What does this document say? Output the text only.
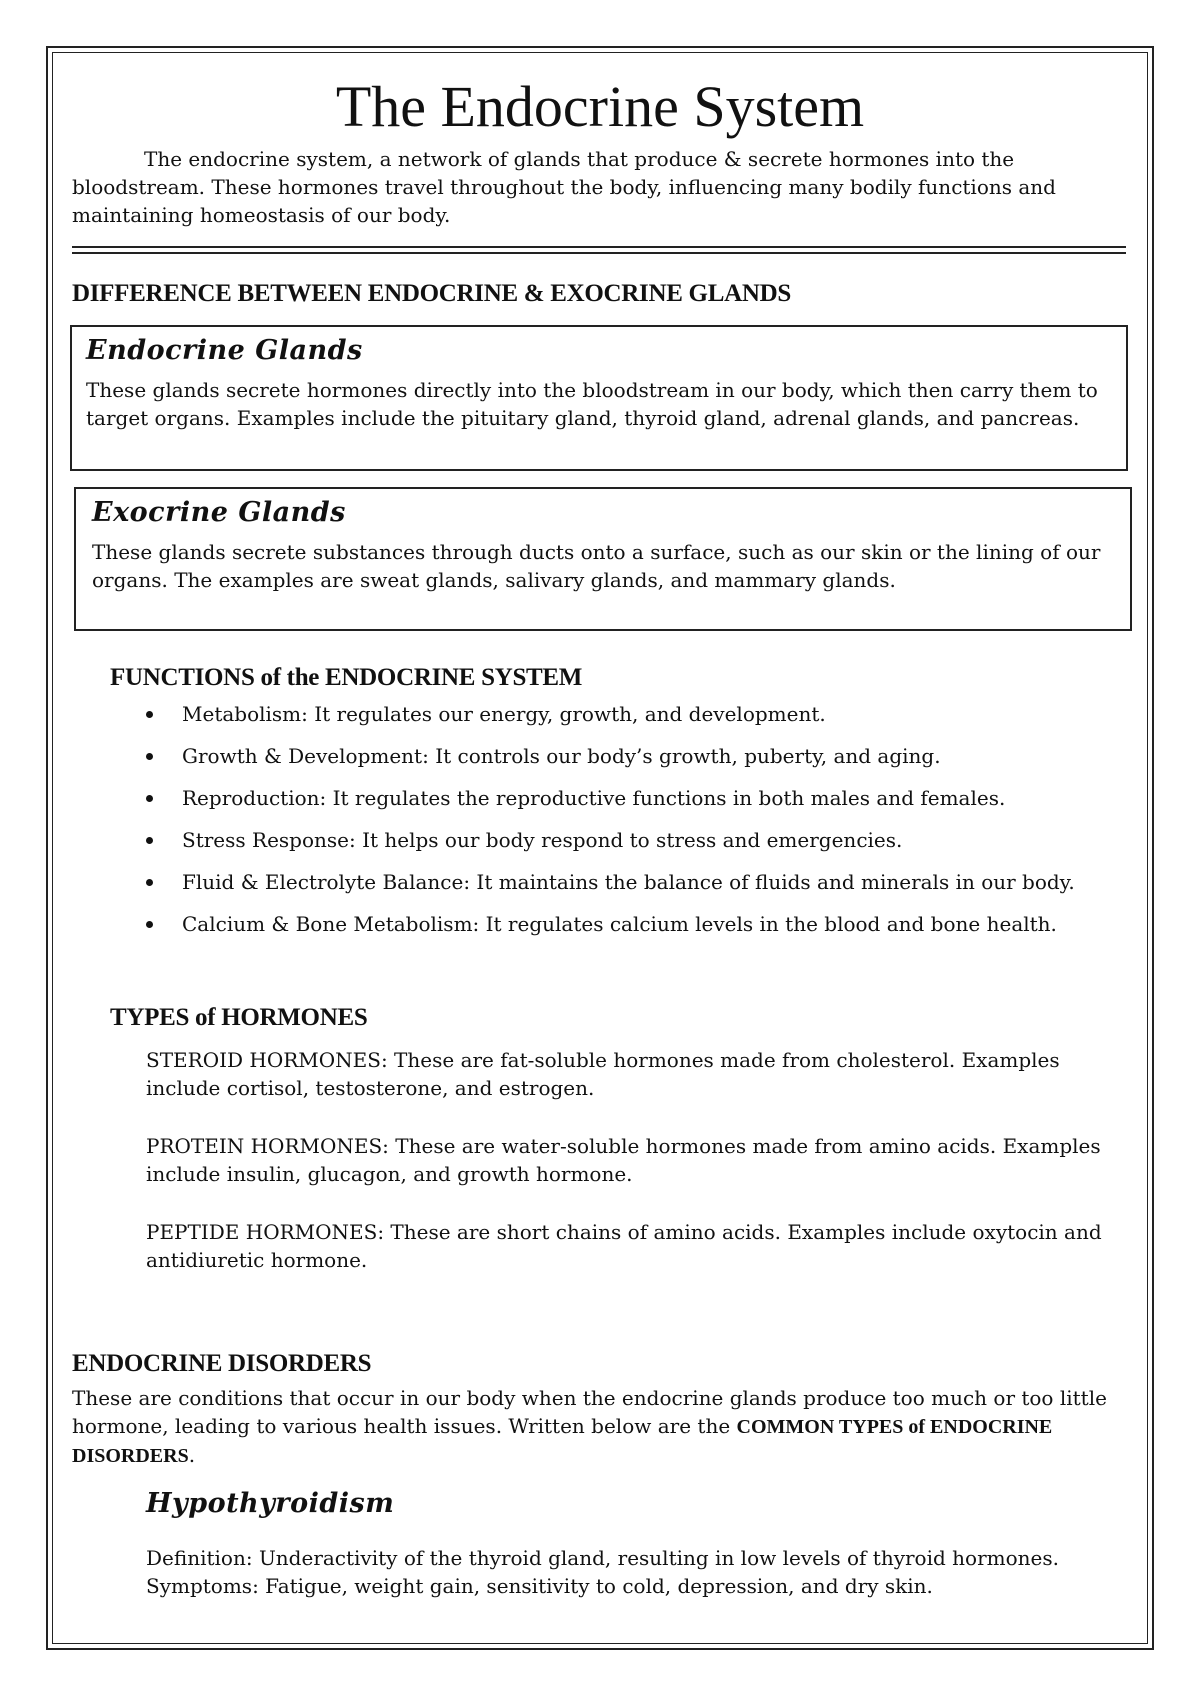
The Endocrine System

The endocrine system, a network of glands that produce & secrete hormones into the bloodstream. These hormones travel throughout the body, influencing many bodily functions and maintaining homeostasis of our body.

DIFFERENCE BETWEEN ENDOCRINE & EXOCRINE GLANDS

Endocrine Glands

These glands secrete hormones directly into the bloodstream in our body, which then carry them to target organs. Examples include the pituitary gland, thyroid gland, adrenal glands, and pancreas.

Exocrine Glands

These glands secrete substances through ducts onto a surface, such as our skin or the lining of our organs. The examples are sweat glands, salivary glands, and mammary glands.

FUNCTIONS of the ENDOCRINE SYSTEM
Metabolism: It regulates our energy, growth, and development.
Growth & Development: It controls our body’s growth, puberty, and aging.
Reproduction: It regulates the reproductive functions in both males and females.
Stress Response: It helps our body respond to stress and emergencies.
Fluid & Electrolyte Balance: It maintains the balance of fluids and minerals in our body.
Calcium & Bone Metabolism: It regulates calcium levels in the blood and bone health.
TYPES of HORMONES

STEROID HORMONES: These are fat-soluble hormones made from cholesterol. Examples include cortisol, testosterone, and estrogen.

PROTEIN HORMONES: These are water-soluble hormones made from amino acids. Examples include insulin, glucagon, and growth hormone.

PEPTIDE HORMONES: These are short chains of amino acids. Examples include oxytocin and antidiuretic hormone.

ENDOCRINE DISORDERS

These are conditions that occur in our body when the endocrine glands produce too much or too little hormone, leading to various health issues. Written below are the COMMON TYPES of ENDOCRINE DISORDERS.

Hypothyroidism

Definition: Underactivity of the thyroid gland, resulting in low levels of thyroid hormones.

Symptoms: Fatigue, weight gain, sensitivity to cold, depression, and dry skin.
